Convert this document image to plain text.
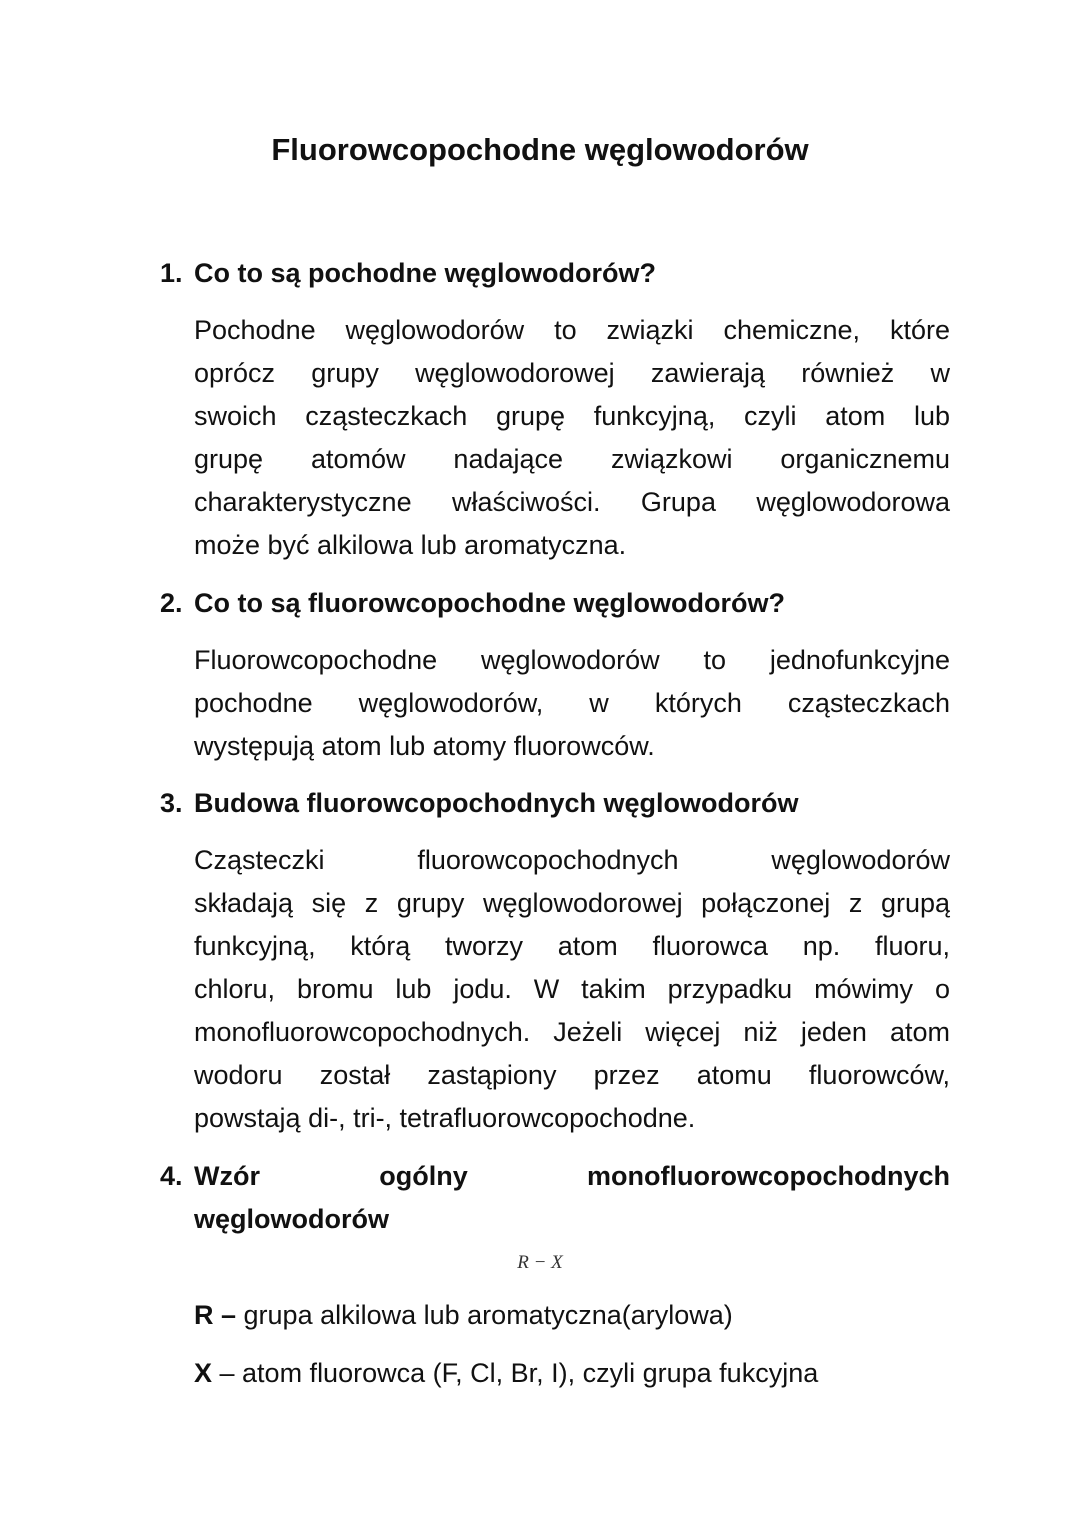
Fluorowcopochodne węglowodorów
1. Co to są pochodne węglowodorów?
Pochodne węglowodorów to związki chemiczne, które
oprócz grupy węglowodorowej zawierają również w
swoich cząsteczkach grupę funkcyjną, czyli atom lub
grupę atomów nadające związkowi organicznemu
charakterystyczne właściwości. Grupa węglowodorowa
może być alkilowa lub aromatyczna.
2. Co to są fluorowcopochodne węglowodorów?
Fluorowcopochodne węglowodorów to jednofunkcyjne
pochodne węglowodorów, w których cząsteczkach
występują atom lub atomy fluorowców.
3. Budowa fluorowcopochodnych węglowodorów
Cząsteczki fluorowcopochodnych węglowodorów
składają się z grupy węglowodorowej połączonej z grupą
funkcyjną, którą tworzy atom fluorowca np. fluoru,
chloru, bromu lub jodu. W takim przypadku mówimy o
monofluorowcopochodnych. Jeżeli więcej niż jeden atom
wodoru został zastąpiony przez atomu fluorowców,
powstają di-, tri-, tetrafluorowcopochodne.
4. Wzór ogólny monofluorowcopochodnych
węglowodorów
R − X
R – grupa alkilowa lub aromatyczna(arylowa)
X – atom fluorowca (F, Cl, Br, I), czyli grupa fukcyjna
